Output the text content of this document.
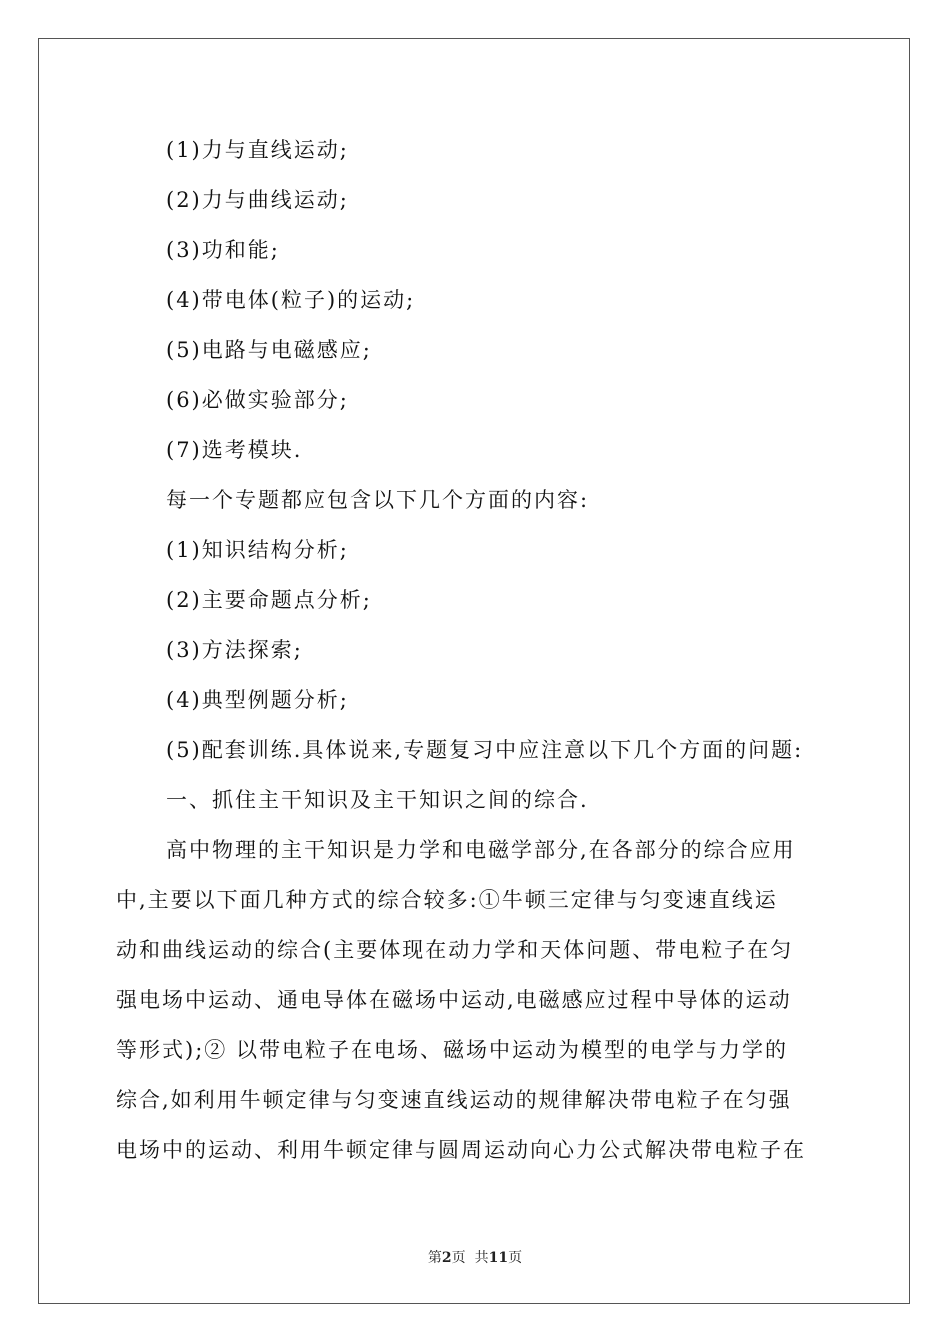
(1)力与直线运动;
(2)力与曲线运动;
(3)功和能;
(4)带电体(粒子)的运动;
(5)电路与电磁感应;
(6)必做实验部分;
(7)选考模块.
每一个专题都应包含以下几个方面的内容:
(1)知识结构分析;
(2)主要命题点分析;
(3)方法探索;
(4)典型例题分析;
(5)配套训练.具体说来,专题复习中应注意以下几个方面的问题:
一、抓住主干知识及主干知识之间的综合.
高中物理的主干知识是力学和电磁学部分,在各部分的综合应用
中,主要以下面几种方式的综合较多:①牛顿三定律与匀变速直线运
动和曲线运动的综合(主要体现在动力学和天体问题、带电粒子在匀
强电场中运动、通电导体在磁场中运动,电磁感应过程中导体的运动
等形式);② 以带电粒子在电场、磁场中运动为模型的电学与力学的
综合,如利用牛顿定律与匀变速直线运动的规律解决带电粒子在匀强
电场中的运动、利用牛顿定律与圆周运动向心力公式解决带电粒子在
第2页  共11页
